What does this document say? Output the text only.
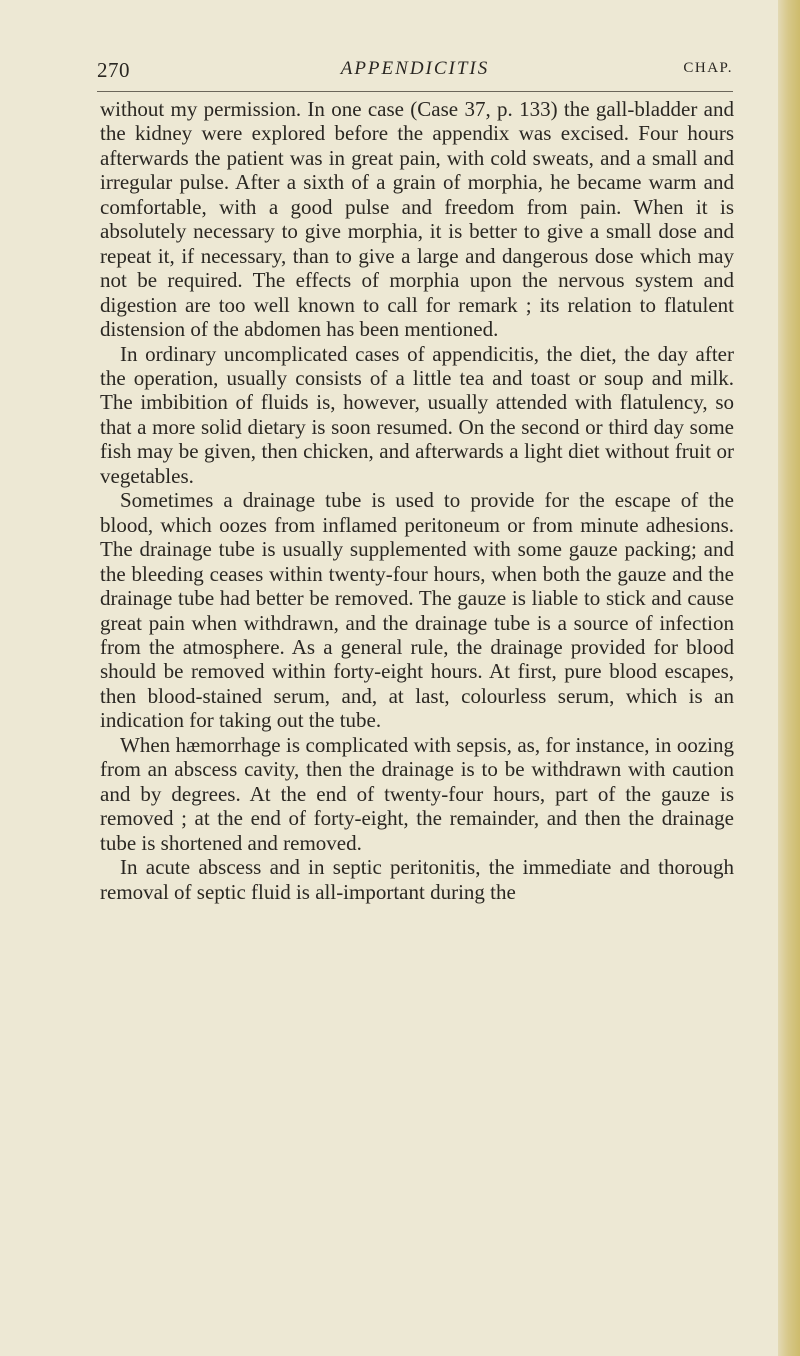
270	APPENDICITIS	CHAP.

without my permission. In one case (Case 37, p. 133) the gall-bladder and the kidney were explored before the appendix was excised. Four hours afterwards the patient was in great pain, with cold sweats, and a small and irregular pulse. After a sixth of a grain of morphia, he became warm and comfortable, with a good pulse and freedom from pain. When it is absolutely necessary to give morphia, it is better to give a small dose and repeat it, if necessary, than to give a large and dangerous dose which may not be required. The effects of morphia upon the nervous system and digestion are too well known to call for remark ; its relation to flatulent distension of the abdomen has been mentioned.

In ordinary uncomplicated cases of appendicitis, the diet, the day after the operation, usually consists of a little tea and toast or soup and milk. The imbibition of fluids is, however, usually attended with flatulency, so that a more solid dietary is soon resumed. On the second or third day some fish may be given, then chicken, and afterwards a light diet without fruit or vegetables.

Sometimes a drainage tube is used to provide for the escape of the blood, which oozes from inflamed peritoneum or from minute adhesions. The drainage tube is usually supplemented with some gauze packing; and the bleeding ceases within twenty-four hours, when both the gauze and the drainage tube had better be removed. The gauze is liable to stick and cause great pain when withdrawn, and the drainage tube is a source of infection from the atmosphere. As a general rule, the drainage provided for blood should be removed within forty-eight hours. At first, pure blood escapes, then blood-stained serum, and, at last, colourless serum, which is an indication for taking out the tube.

When hæmorrhage is complicated with sepsis, as, for instance, in oozing from an abscess cavity, then the drainage is to be withdrawn with caution and by degrees. At the end of twenty-four hours, part of the gauze is removed ; at the end of forty-eight, the remainder, and then the drainage tube is shortened and removed.

In acute abscess and in septic peritonitis, the immediate and thorough removal of septic fluid is all-important during the
